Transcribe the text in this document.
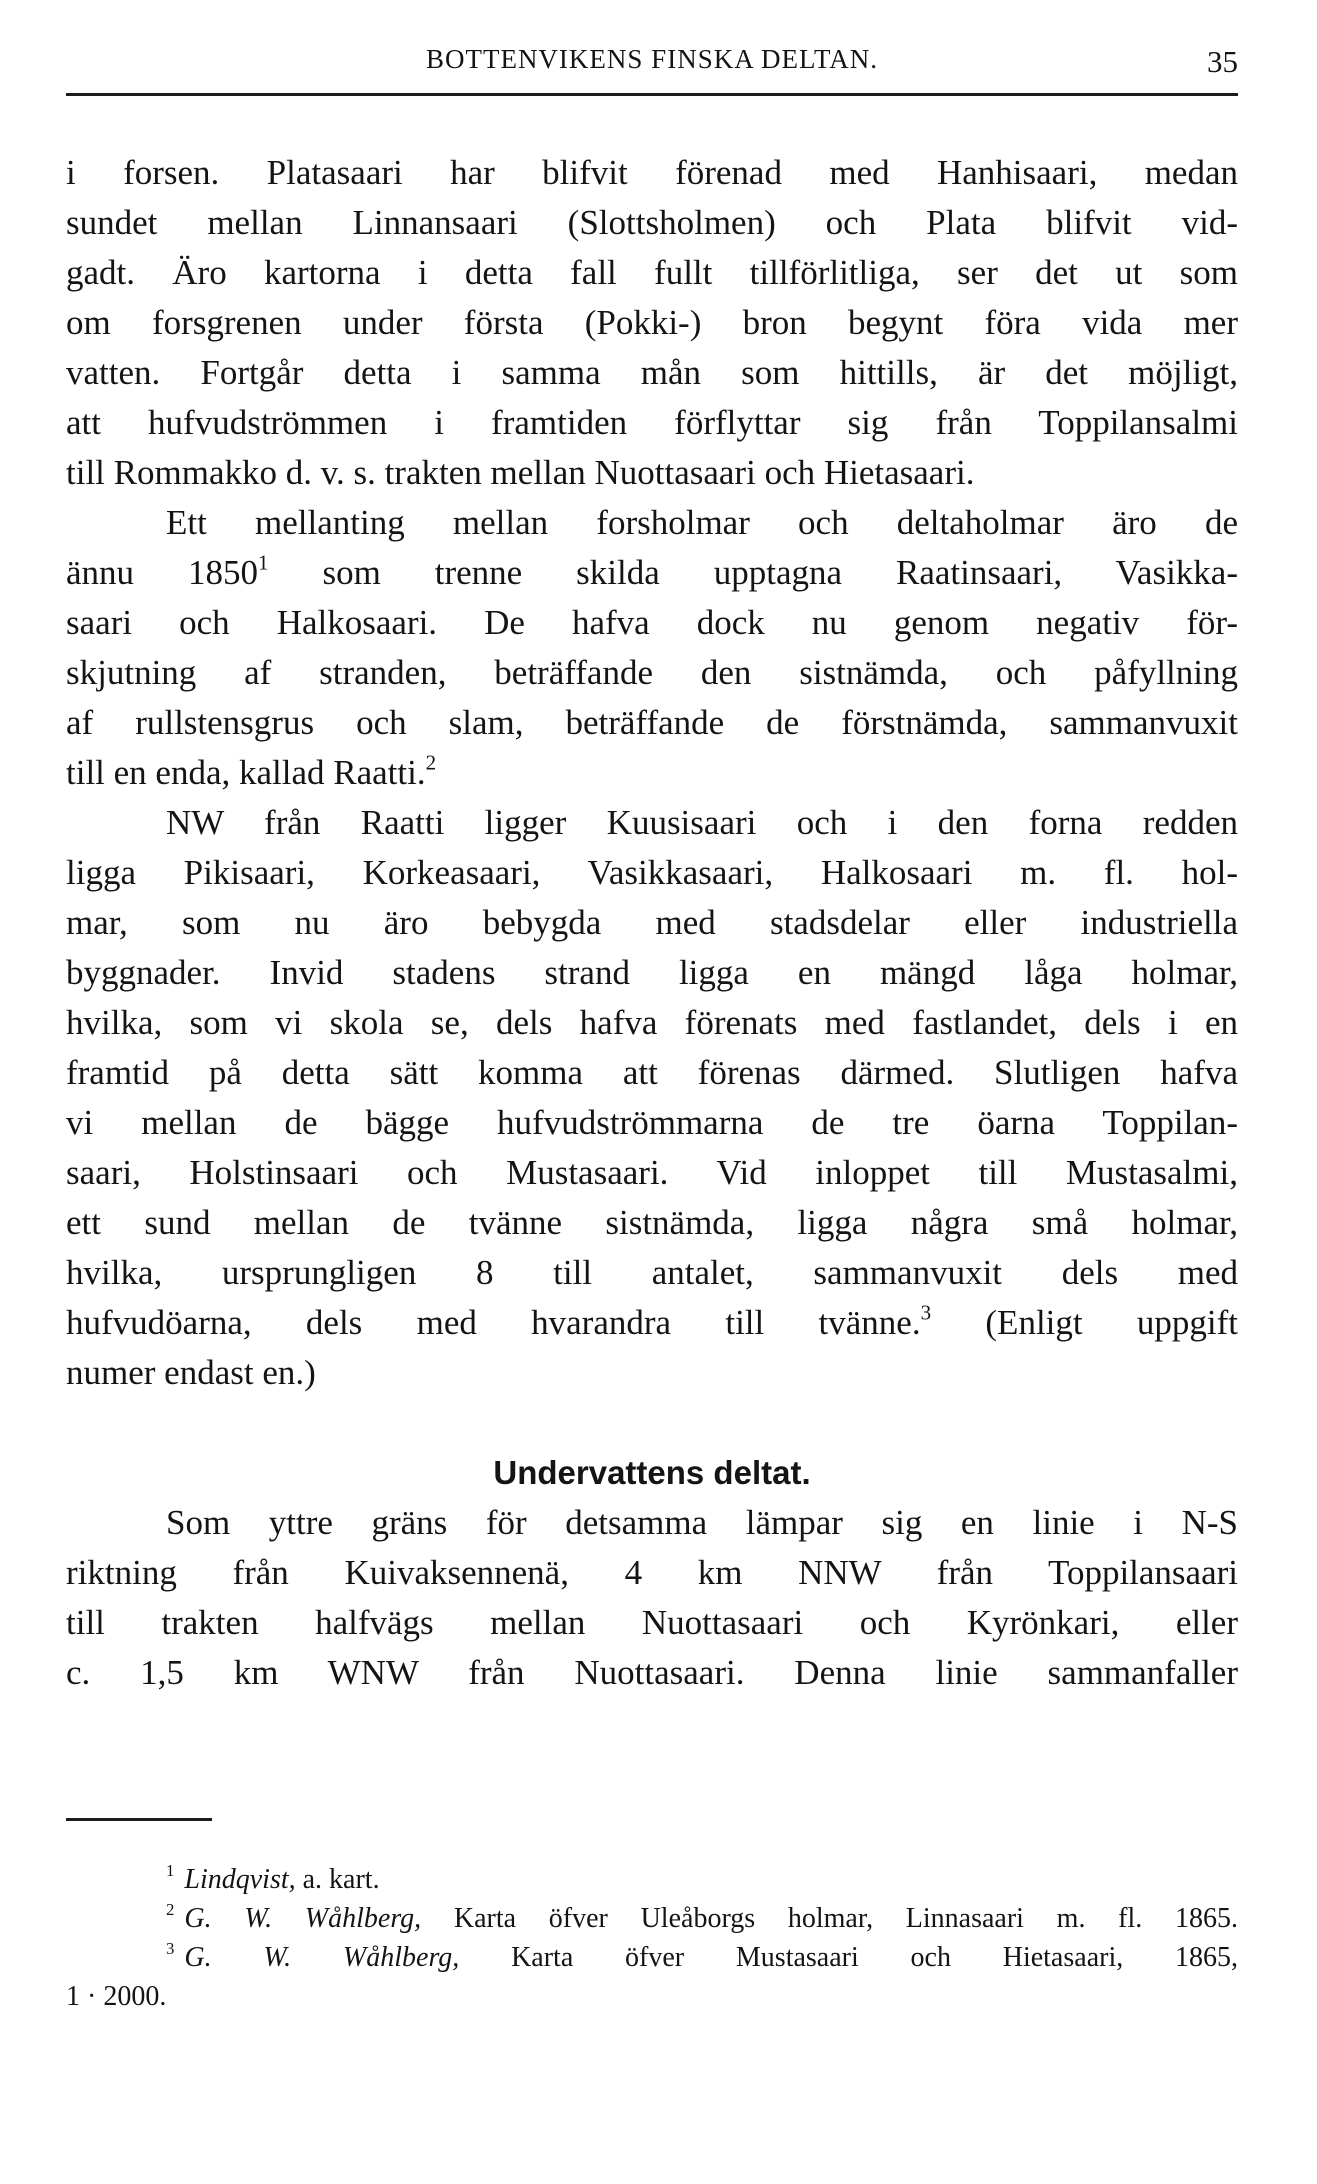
BOTTENVIKENS FINSKA DELTAN.	35
i forsen. Platasaari har blifvit förenad med Hanhisaari, medan
sundet mellan Linnansaari (Slottsholmen) och Plata blifvit vid-
gadt. Äro kartorna i detta fall fullt tillförlitliga, ser det ut som
om forsgrenen under första (Pokki-) bron begynt föra vida mer
vatten. Fortgår detta i samma mån som hittills, är det möjligt,
att hufvudströmmen i framtiden förflyttar sig från Toppilansalmi
till Rommakko d. v. s. trakten mellan Nuottasaari och Hietasaari.
Ett mellanting mellan forsholmar och deltaholmar äro de
ännu 1850$^1$ som trenne skilda upptagna Raatinsaari, Vasikka-
saari och Halkosaari. De hafva dock nu genom negativ för-
skjutning af stranden, beträffande den sistnämda, och påfyllning
af rullstensgrus och slam, beträffande de förstnämda, sammanvuxit
till en enda, kallad Raatti.$^2$
NW från Raatti ligger Kuusisaari och i den forna redden
ligga Pikisaari, Korkeasaari, Vasikkasaari, Halkosaari m. fl. hol-
mar, som nu äro bebygda med stadsdelar eller industriella
byggnader. Invid stadens strand ligga en mängd låga holmar,
hvilka, som vi skola se, dels hafva förenats med fastlandet, dels i en
framtid på detta sätt komma att förenas därmed. Slutligen hafva
vi mellan de bägge hufvudströmmarna de tre öarna Toppilan-
saari, Holstinsaari och Mustasaari. Vid inloppet till Mustasalmi,
ett sund mellan de tvänne sistnämda, ligga några små holmar,
hvilka, ursprungligen 8 till antalet, sammanvuxit dels med
hufvudöarna, dels med hvarandra till tvänne.$^3$ (Enligt uppgift
numer endast en.)
Undervattens deltat.
Som yttre gräns för detsamma lämpar sig en linie i N-S
riktning från Kuivaksennenä, 4 km NNW från Toppilansaari
till trakten halfvägs mellan Nuottasaari och Kyrönkari, eller
c. 1,5 km WNW från Nuottasaari. Denna linie sammanfaller
$^1$ Lindqvist, a. kart.
$^2$ G. W. Wåhlberg, Karta öfver Uleåborgs holmar, Linnasaari m. fl. 1865.
$^3$ G. W. Wåhlberg, Karta öfver Mustasaari och Hietasaari, 1865,
1 · 2000.
